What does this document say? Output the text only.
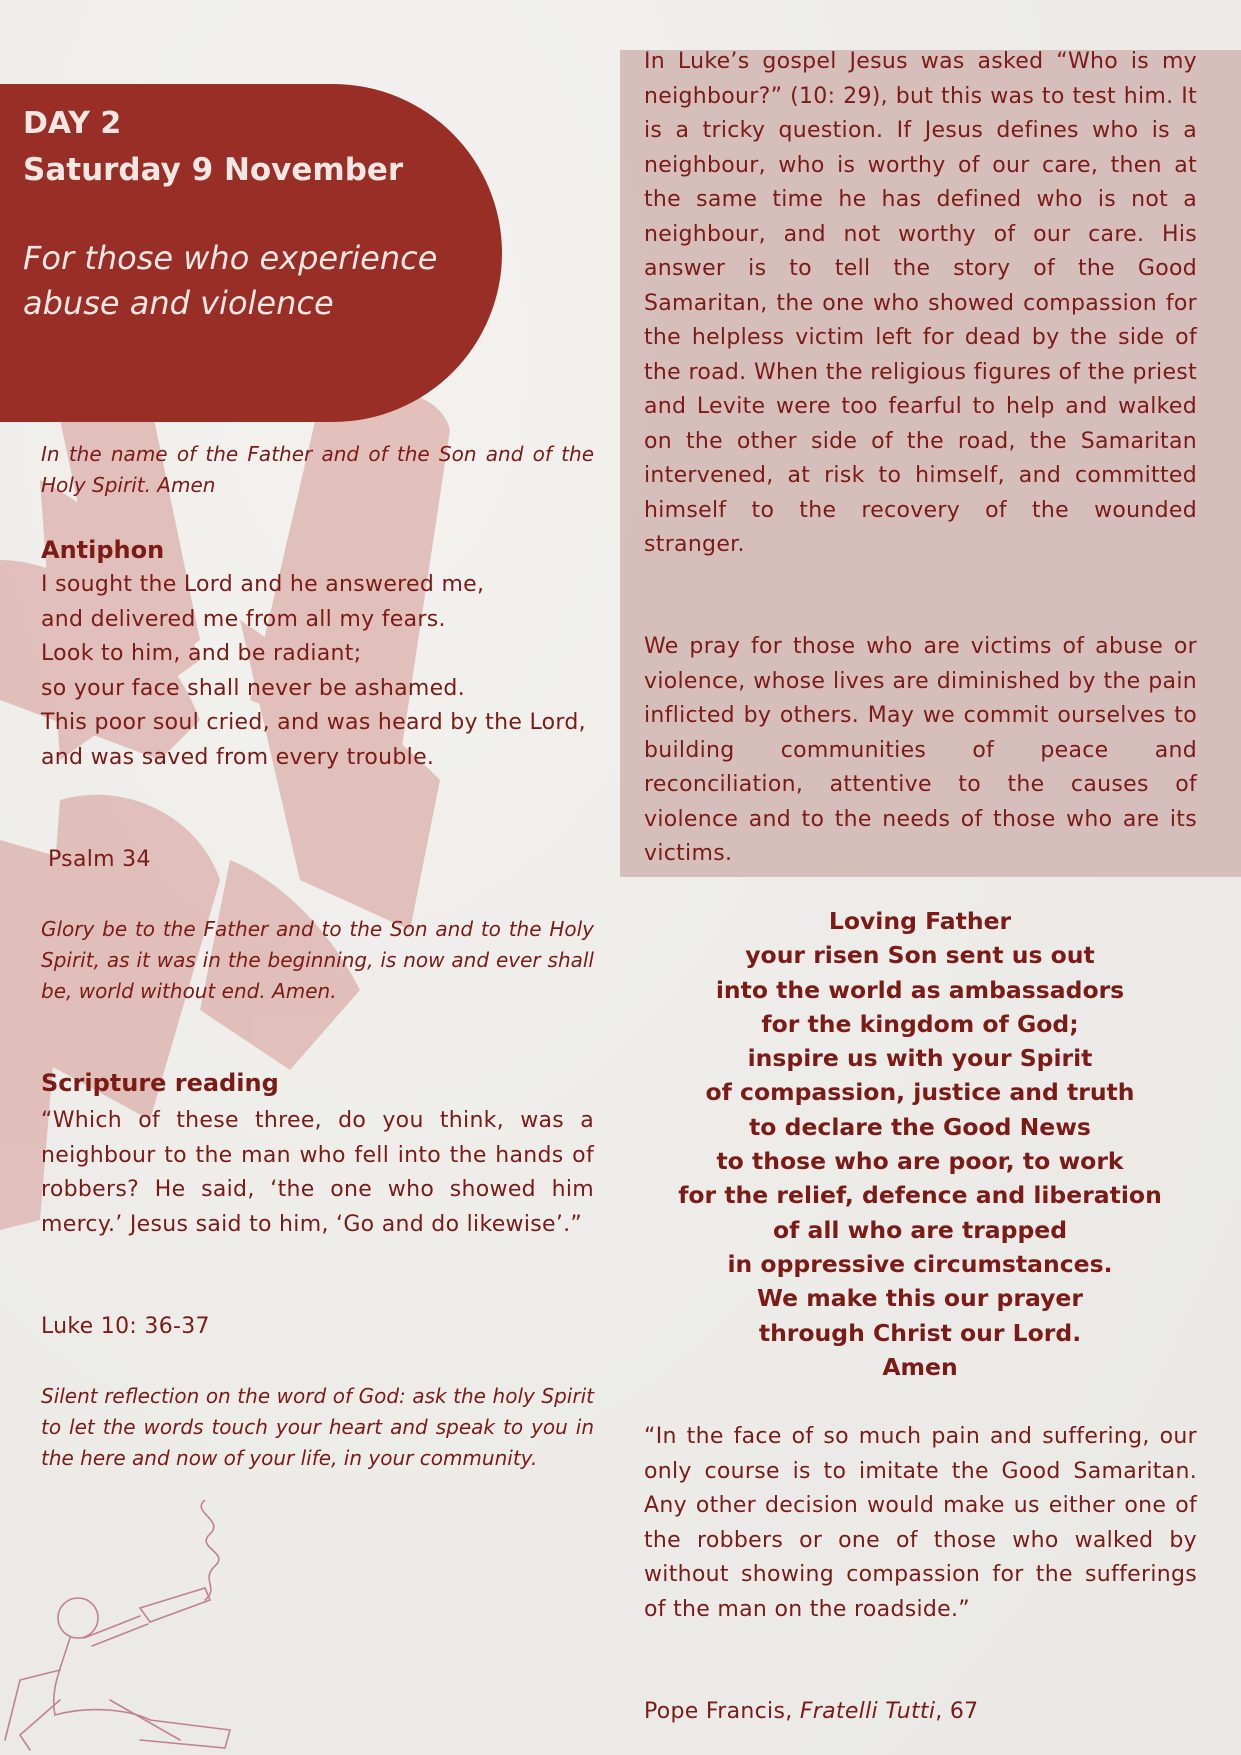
DAY 2
Saturday 9 November
For those who experience abuse and violence
In the name of the Father and of the Son and of the Holy Spirit. Amen
Antiphon
I sought the Lord and he answered me,
and delivered me from all my fears.
Look to him, and be radiant;
so your face shall never be ashamed.
This poor soul cried, and was heard by the Lord,
and was saved from every trouble.
Psalm 34
Glory be to the Father and to the Son and to the Holy Spirit, as it was in the beginning, is now and ever shall be, world without end. Amen.
Scripture reading
“Which of these three, do you think, was a neighbour to the man who fell into the hands of robbers? He said, ‘the one who showed him mercy.’ Jesus said to him, ‘Go and do likewise’.”
Luke 10: 36-37
Silent reflection on the word of God: ask the holy Spirit to let the words touch your heart and speak to you in the here and now of your life, in your community.
In Luke’s gospel Jesus was asked “Who is my neighbour?” (10: 29), but this was to test him. It is a tricky question. If Jesus defines who is a neighbour, who is worthy of our care, then at the same time he has defined who is not a neighbour, and not worthy of our care. His answer is to tell the story of the Good Samaritan, the one who showed compassion for the helpless victim left for dead by the side of the road. When the religious figures of the priest and Levite were too fearful to help and walked on the other side of the road, the Samaritan intervened, at risk to himself, and committed himself to the recovery of the wounded stranger.
We pray for those who are victims of abuse or violence, whose lives are diminished by the pain inflicted by others. May we commit ourselves to building communities of peace and reconciliation, attentive to the causes of violence and to the needs of those who are its victims.
Loving Father
your risen Son sent us out
into the world as ambassadors
for the kingdom of God;
inspire us with your Spirit
of compassion, justice and truth
to declare the Good News
to those who are poor, to work
for the relief, defence and liberation
of all who are trapped
in oppressive circumstances.
We make this our prayer
through Christ our Lord.
Amen
“In the face of so much pain and suffering, our only course is to imitate the Good Samaritan. Any other decision would make us either one of the robbers or one of those who walked by without showing compassion for the sufferings of the man on the roadside.”
Pope Francis, Fratelli Tutti, 67
